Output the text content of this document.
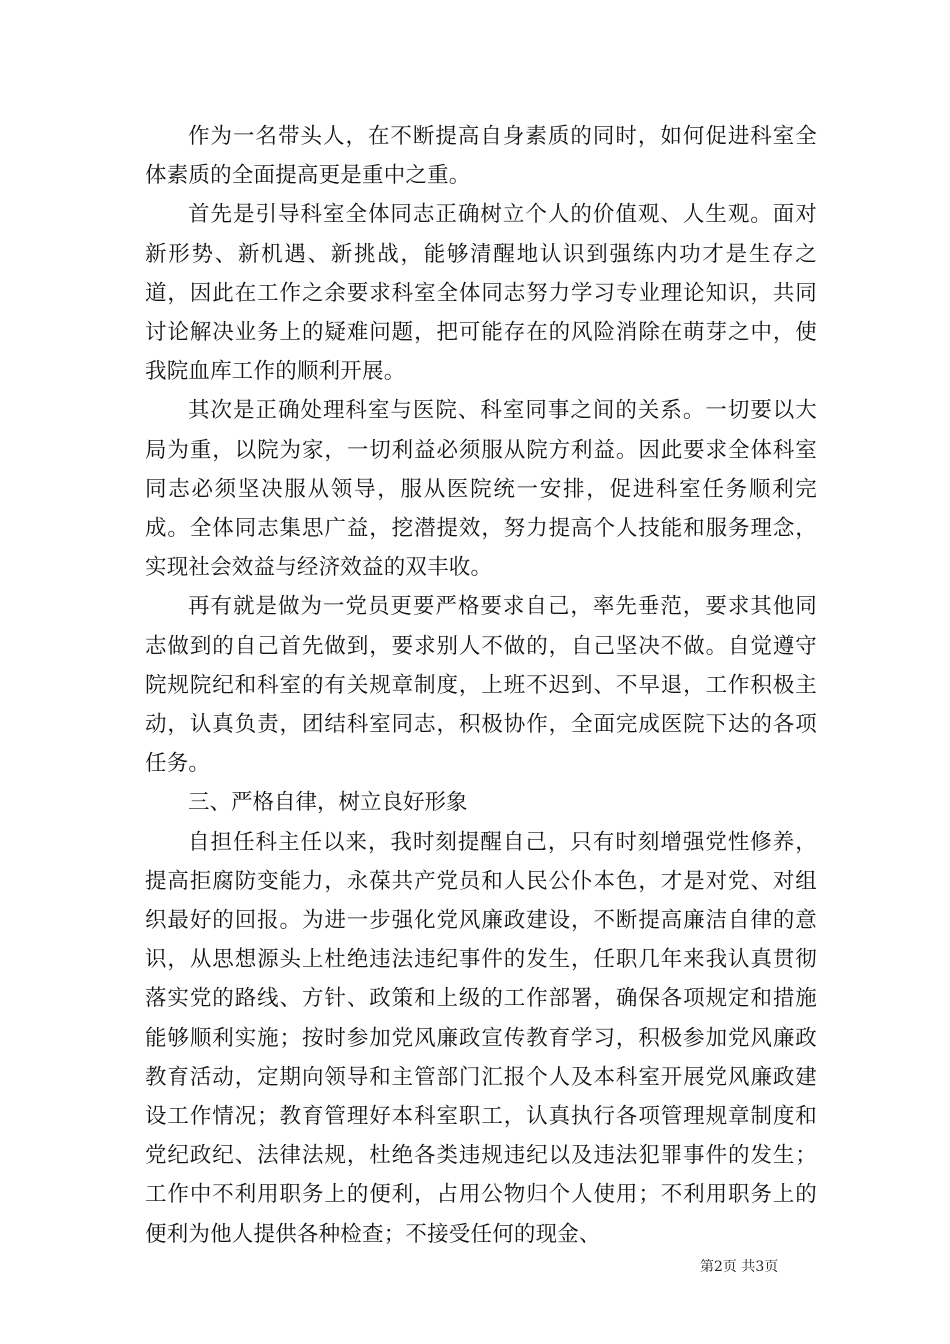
作为一名带头人，在不断提高自身素质的同时，如何促进科室全体素质的全面提高更是重中之重。

首先是引导科室全体同志正确树立个人的价值观、人生观。面对新形势、新机遇、新挑战，能够清醒地认识到强练内功才是生存之道，因此在工作之余要求科室全体同志努力学习专业理论知识，共同讨论解决业务上的疑难问题，把可能存在的风险消除在萌芽之中，使我院血库工作的顺利开展。

其次是正确处理科室与医院、科室同事之间的关系。一切要以大局为重，以院为家，一切利益必须服从院方利益。因此要求全体科室同志必须坚决服从领导，服从医院统一安排，促进科室任务顺利完成。全体同志集思广益，挖潜提效，努力提高个人技能和服务理念，实现社会效益与经济效益的双丰收。

再有就是做为一党员更要严格要求自己，率先垂范，要求其他同志做到的自己首先做到，要求别人不做的，自己坚决不做。自觉遵守院规院纪和科室的有关规章制度，上班不迟到、不早退，工作积极主动，认真负责，团结科室同志，积极协作，全面完成医院下达的各项任务。

三、严格自律，树立良好形象

自担任科主任以来，我时刻提醒自己，只有时刻增强党性修养，提高拒腐防变能力，永葆共产党员和人民公仆本色，才是对党、对组织最好的回报。为进一步强化党风廉政建设，不断提高廉洁自律的意识，从思想源头上杜绝违法违纪事件的发生，任职几年来我认真贯彻落实党的路线、方针、政策和上级的工作部署，确保各项规定和措施能够顺利实施；按时参加党风廉政宣传教育学习，积极参加党风廉政教育活动，定期向领导和主管部门汇报个人及本科室开展党风廉政建设工作情况；教育管理好本科室职工，认真执行各项管理规章制度和党纪政纪、法律法规，杜绝各类违规违纪以及违法犯罪事件的发生；工作中不利用职务上的便利，占用公物归个人使用；不利用职务上的便利为他人提供各种检查；不接受任何的现金、

第2页 共3页
